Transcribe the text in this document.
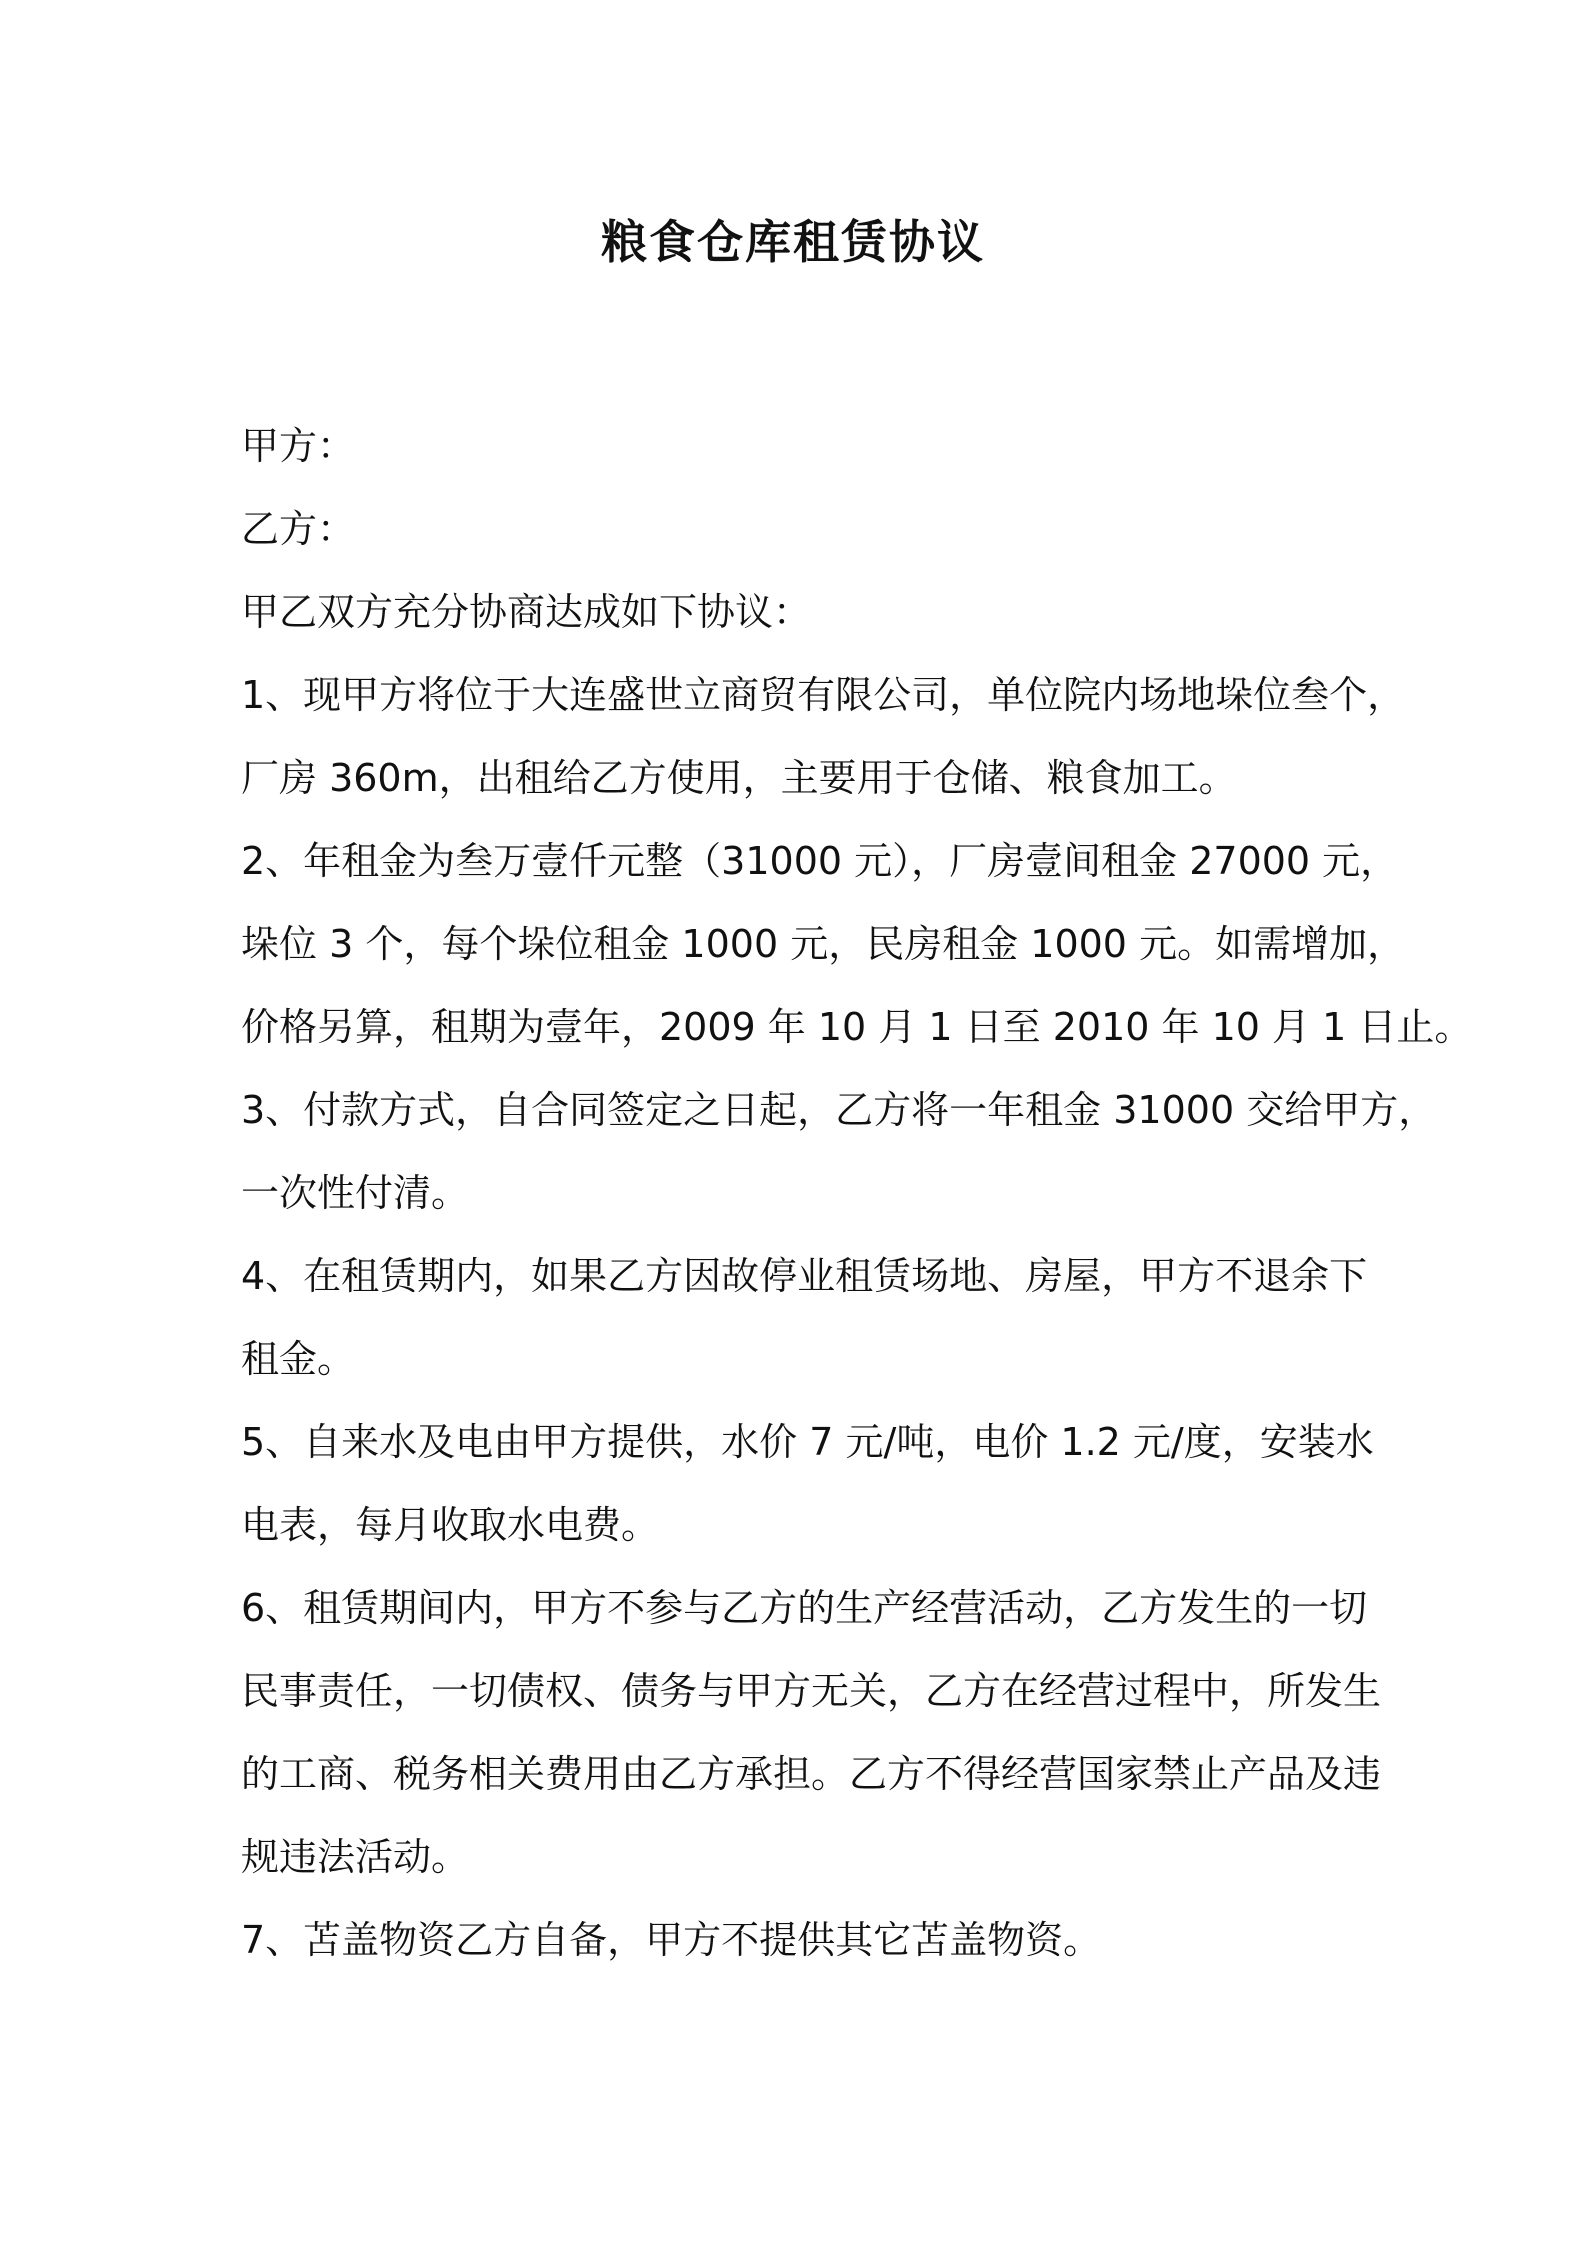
粮食仓库租赁协议

甲方：

乙方：

甲乙双方充分协商达成如下协议：

1、现甲方将位于大连盛世立商贸有限公司，单位院内场地垛位叁个，

厂房 360m，出租给乙方使用，主要用于仓储、粮食加工。

2、年租金为叁万壹仟元整（31000 元），厂房壹间租金 27000 元，

垛位 3 个，每个垛位租金 1000 元，民房租金 1000 元。如需增加，

价格另算，租期为壹年，2009 年 10 月 1 日至 2010 年 10 月 1 日止。

3、付款方式，自合同签定之日起，乙方将一年租金 31000 交给甲方，

一次性付清。

4、在租赁期内，如果乙方因故停业租赁场地、房屋，甲方不退余下

租金。

5、自来水及电由甲方提供，水价 7 元/吨，电价 1.2 元/度，安装水

电表，每月收取水电费。

6、租赁期间内，甲方不参与乙方的生产经营活动，乙方发生的一切

民事责任，一切债权、债务与甲方无关，乙方在经营过程中，所发生

的工商、税务相关费用由乙方承担。乙方不得经营国家禁止产品及违

规违法活动。

7、苫盖物资乙方自备，甲方不提供其它苫盖物资。
